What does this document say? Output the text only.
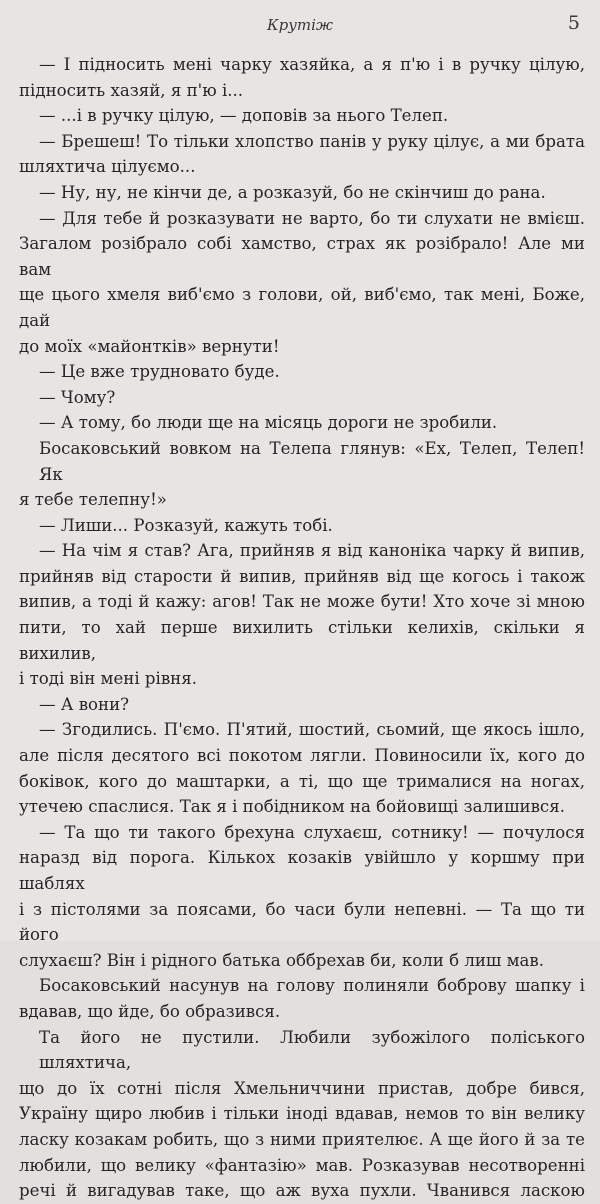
Крутіж	5

— І підносить мені чарку хазяйка, а я п'ю і в ручку цілую,
підносить хазяй, я п'ю і...

— ...і в ручку цілую, — доповів за нього Телеп.

— Брешеш! То тільки хлопство панів у руку цілує, а ми брата
шляхтича цілуємо...

— Ну, ну, не кінчи де, а розказуй, бо не скінчиш до рана.

— Для тебе й розказувати не варто, бо ти слухати не вмієш.
Загалом розібрало собі хамство, страх як розібрало! Але ми вам
ще цього хмеля виб'ємо з голови, ой, виб'ємо, так мені, Боже, дай
до моїх «майонтків» вернути!

— Це вже трудновато буде.

— Чому?

— А тому, бо люди ще на місяць дороги не зробили.

Босаковський вовком на Телепа глянув: «Ех, Телеп, Телеп! Як
я тебе телепну!»

— Лиши... Розказуй, кажуть тобі.

— На чім я став? Ага, прийняв я від каноніка чарку й випив,
прийняв від старости й випив, прийняв від ще когось і також
випив, а тоді й кажу: агов! Так не може бути! Хто хоче зі мною
пити, то хай перше вихилить стільки келихів, скільки я вихилив,
і тоді він мені рівня.

— А вони?

— Згодились. П'ємо. П'ятий, шостий, сьомий, ще якось ішло,
але після десятого всі покотом лягли. Повиносили їх, кого до
боківок, кого до маштарки, а ті, що ще трималися на ногах,
утечею спаслися. Так я і побідником на бойовищі залишився.

— Та що ти такого брехуна слухаєш, сотнику! — почулося
наразд від порога. Кількох козаків увійшло у коршму при шаблях
і з пістолями за поясами, бо часи були непевні. — Та що ти його
слухаєш? Він і рідного батька оббрехав би, коли б лиш мав.

Босаковський насунув на голову полиняли боброву шапку і
вдавав, що йде, бо образився.

Та його не пустили. Любили зубожілого поліського шляхтича,
що до їх сотні після Хмельниччини пристав, добре бився,
Україну щиро любив і тільки іноді вдавав, немов то він велику
ласку козакам робить, що з ними приятелює. А ще його й за те
любили, що велику «фантазію» мав. Розказував несотворенні
речі й вигадував таке, що аж вуха пухли. Чванився ласкою
